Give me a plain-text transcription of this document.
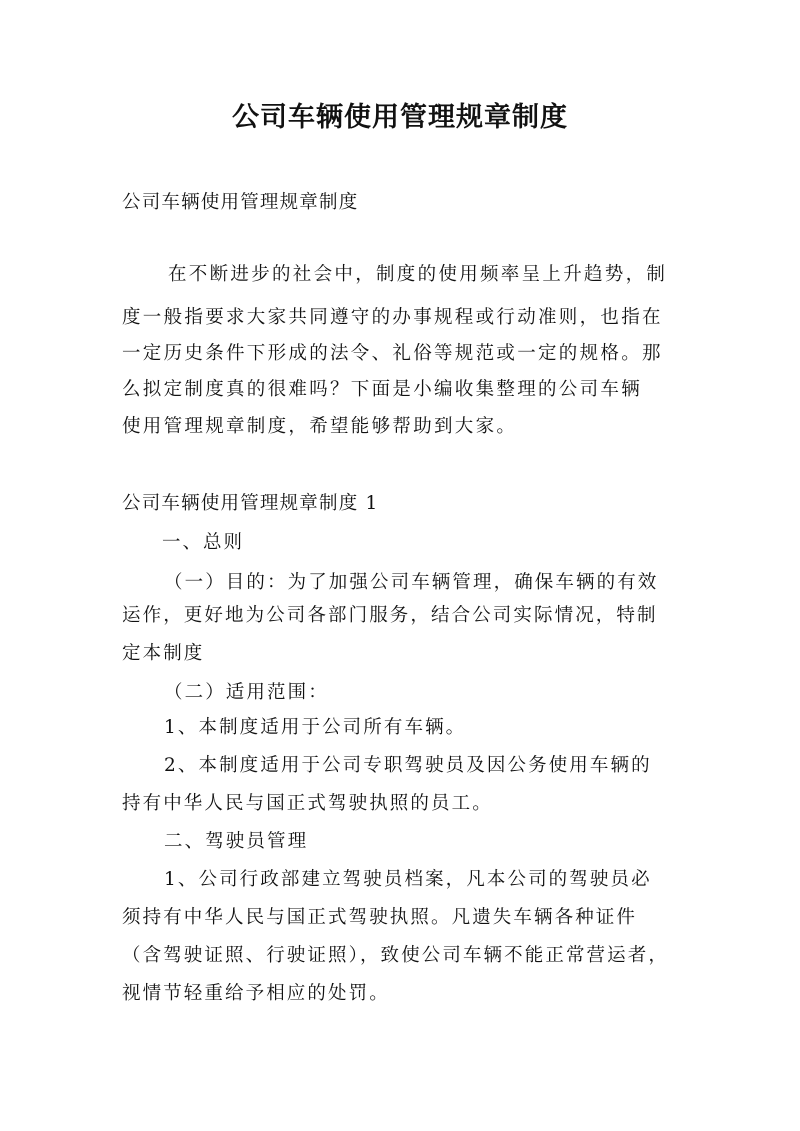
公司车辆使用管理规章制度
公司车辆使用管理规章制度
在不断进步的社会中，制度的使用频率呈上升趋势，制
度一般指要求大家共同遵守的办事规程或行动准则，也指在
一定历史条件下形成的法令、礼俗等规范或一定的规格。那
么拟定制度真的很难吗？下面是小编收集整理的公司车辆
使用管理规章制度，希望能够帮助到大家。
公司车辆使用管理规章制度 1
一、总则
（一）目的：为了加强公司车辆管理，确保车辆的有效
运作，更好地为公司各部门服务，结合公司实际情况，特制
定本制度
（二）适用范围：
1、本制度适用于公司所有车辆。
2、本制度适用于公司专职驾驶员及因公务使用车辆的
持有中华人民与国正式驾驶执照的员工。
二、驾驶员管理
1、公司行政部建立驾驶员档案，凡本公司的驾驶员必
须持有中华人民与国正式驾驶执照。凡遗失车辆各种证件
（含驾驶证照、行驶证照），致使公司车辆不能正常营运者，
视情节轻重给予相应的处罚。
